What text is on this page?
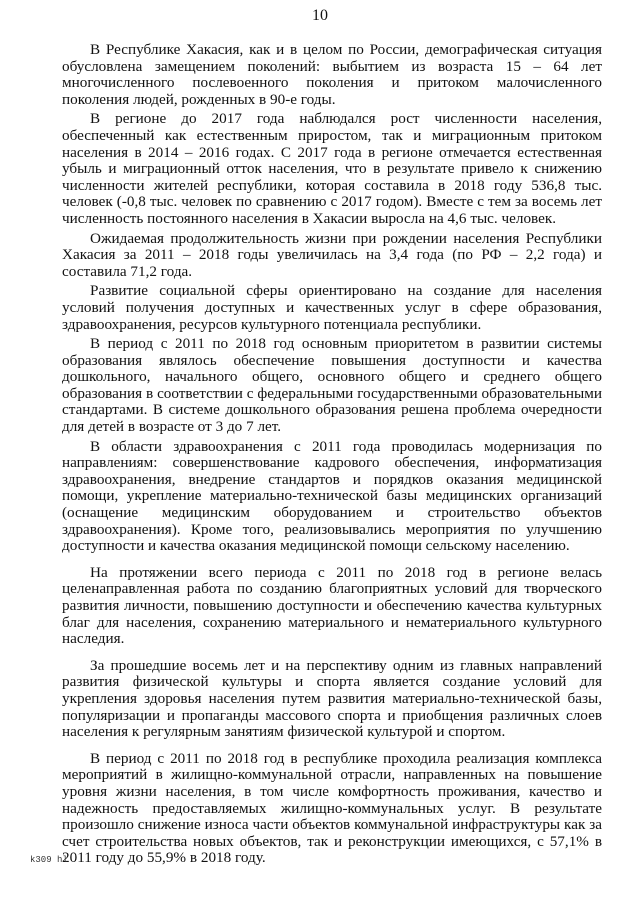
10

В Республике Хакасия, как и в целом по России, демографическая ситуация обусловлена замещением поколений: выбытием из возраста 15 – 64 лет многочисленного послевоенного поколения и притоком малочисленного поколения людей, рожденных в 90-е годы.

В регионе до 2017 года наблюдался рост численности населения, обеспеченный как естественным приростом, так и миграционным притоком населения в 2014 – 2016 годах. С 2017 года в регионе отмечается естественная убыль и миграционный отток населения, что в результате привело к снижению численности жителей республики, которая составила в 2018 году 536,8 тыс. человек (-0,8 тыс. человек по сравнению с 2017 годом). Вместе с тем за восемь лет численность постоянного населения в Хакасии выросла на 4,6 тыс. человек.

Ожидаемая продолжительность жизни при рождении населения Республики Хакасия за 2011 – 2018 годы увеличилась на 3,4 года (по РФ – 2,2 года) и составила 71,2 года.

Развитие социальной сферы ориентировано на создание для населения условий получения доступных и качественных услуг в сфере образования, здравоохранения, ресурсов культурного потенциала республики.

В период с 2011 по 2018 год основным приоритетом в развитии системы образования являлось обеспечение повышения доступности и качества дошкольного, начального общего, основного общего и среднего общего образования в соответствии с федеральными государственными образовательными стандартами. В системе дошкольного образования решена проблема очередности для детей в возрасте от 3 до 7 лет.

В области здравоохранения с 2011 года проводилась модернизация по направлениям: совершенствование кадрового обеспечения, информатизация здравоохранения, внедрение стандартов и порядков оказания медицинской помощи, укрепление материально-технической базы медицинских организаций (оснащение медицинским оборудованием и строительство объектов здравоохранения). Кроме того, реализовывались мероприятия по улучшению доступности и качества оказания медицинской помощи сельскому населению.

На протяжении всего периода с 2011 по 2018 год в регионе велась целенаправленная работа по созданию благоприятных условий для творческого развития личности, повышению доступности и обеспечению качества культурных благ для населения, сохранению материального и нематериального культурного наследия.

За прошедшие восемь лет и на перспективу одним из главных направлений развития физической культуры и спорта является создание условий для укрепления здоровья населения путем развития материально-технической базы, популяризации и пропаганды массового спорта и приобщения различных слоев населения к регулярным занятиям физической культурой и спортом.

В период с 2011 по 2018 год в республике проходила реализация комплекса мероприятий в жилищно-коммунальной отрасли, направленных на повышение уровня жизни населения, в том числе комфортность проживания, качество и надежность предоставляемых жилищно-коммунальных услуг. В результате произошло снижение износа части объектов коммунальной инфраструктуры как за счет строительства новых объектов, так и реконструкции имеющихся, с 57,1% в 2011 году до 55,9% в 2018 году.

k309 hl
